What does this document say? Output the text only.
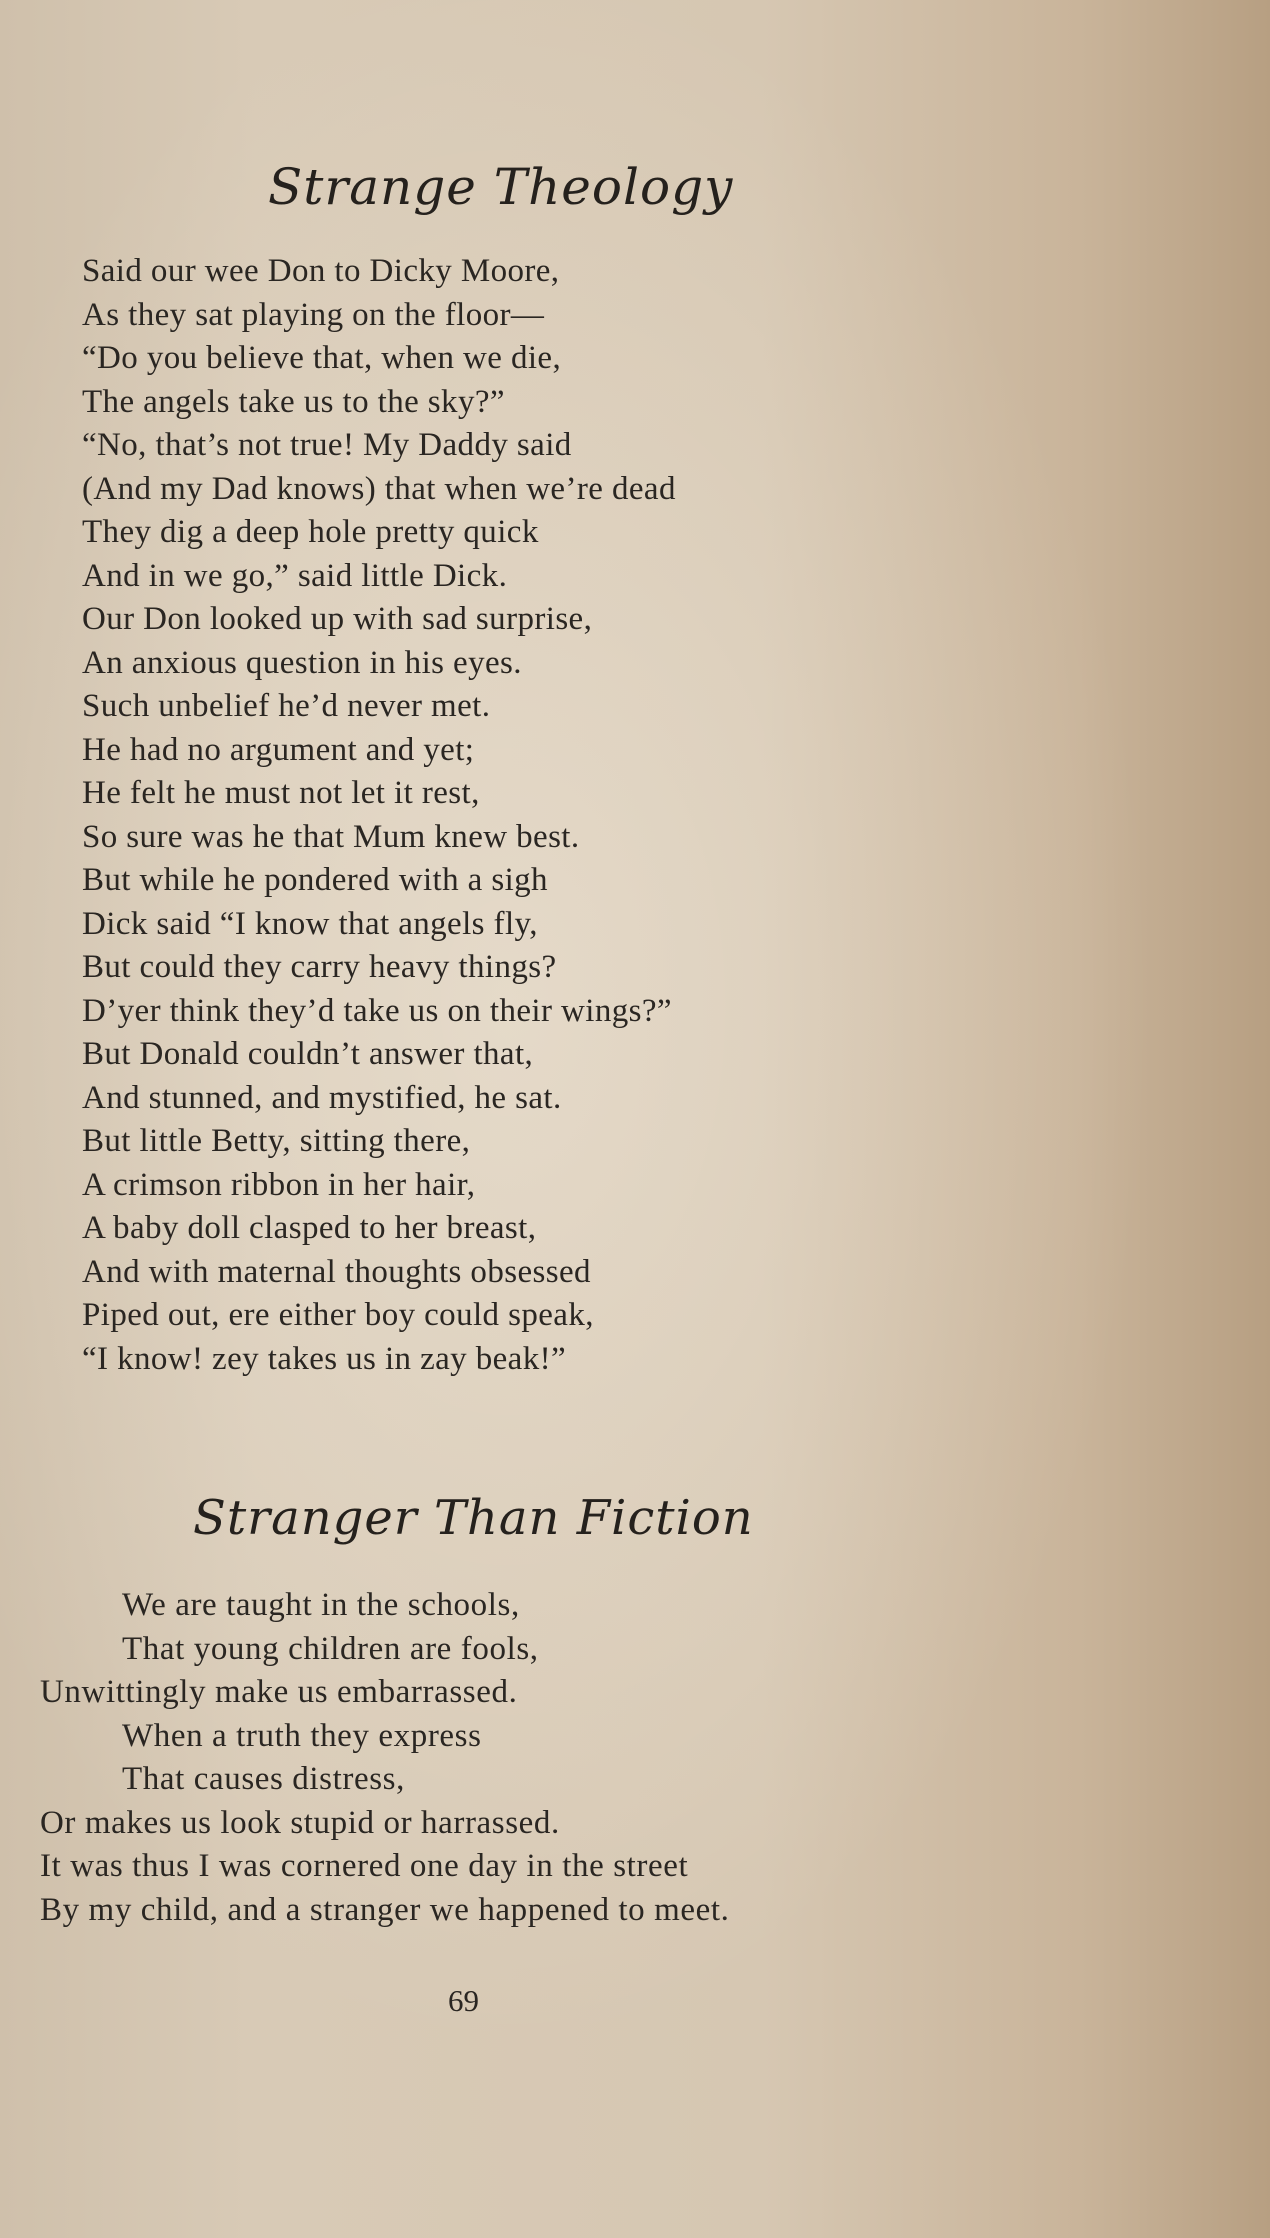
Strange Theology
Said our wee Don to Dicky Moore,
As they sat playing on the floor—
“Do you believe that, when we die,
The angels take us to the sky?”
“No, that’s not true! My Daddy said
(And my Dad knows) that when we’re dead
They dig a deep hole pretty quick
And in we go,” said little Dick.
Our Don looked up with sad surprise,
An anxious question in his eyes.
Such unbelief he’d never met.
He had no argument and yet;
He felt he must not let it rest,
So sure was he that Mum knew best.
But while he pondered with a sigh
Dick said “I know that angels fly,
But could they carry heavy things?
D’yer think they’d take us on their wings?”
But Donald couldn’t answer that,
And stunned, and mystified, he sat.
But little Betty, sitting there,
A crimson ribbon in her hair,
A baby doll clasped to her breast,
And with maternal thoughts obsessed
Piped out, ere either boy could speak,
“I know! zey takes us in zay beak!”
Stranger Than Fiction
We are taught in the schools,
That young children are fools,
Unwittingly make us embarrassed.
When a truth they express
That causes distress,
Or makes us look stupid or harrassed.
It was thus I was cornered one day in the street
By my child, and a stranger we happened to meet.
69
